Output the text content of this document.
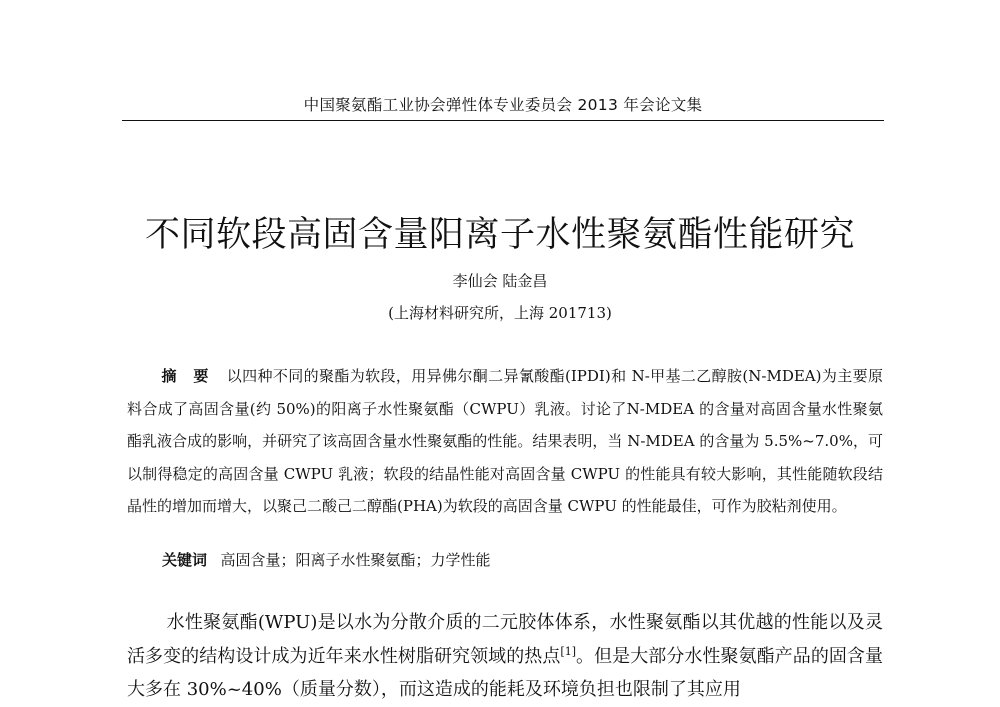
中国聚氨酯工业协会弹性体专业委员会 2013 年会论文集
不同软段高固含量阳离子水性聚氨酯性能研究
李仙会 陆金昌
(上海材料研究所，上海 201713)
摘要 以四种不同的聚酯为软段，用异佛尔酮二异氰酸酯(IPDI)和 N-甲基二乙醇胺(N-MDEA)为主要原料合成了高固含量(约 50%)的阳离子水性聚氨酯（CWPU）乳液。讨论了N-MDEA 的含量对高固含量水性聚氨酯乳液合成的影响，并研究了该高固含量水性聚氨酯的性能。结果表明，当 N-MDEA 的含量为 5.5%~7.0%，可以制得稳定的高固含量 CWPU 乳液；软段的结晶性能对高固含量 CWPU 的性能具有较大影响，其性能随软段结晶性的增加而增大，以聚己二酸己二醇酯(PHA)为软段的高固含量 CWPU 的性能最佳，可作为胶粘剂使用。
关键词 高固含量；阳离子水性聚氨酯；力学性能
水性聚氨酯(WPU)是以水为分散介质的二元胶体体系，水性聚氨酯以其优越的性能以及灵活多变的结构设计成为近年来水性树脂研究领域的热点[1]。但是大部分水性聚氨酯产品的固含量大多在 30%~40%（质量分数），而这造成的能耗及环境负担也限制了其应用
